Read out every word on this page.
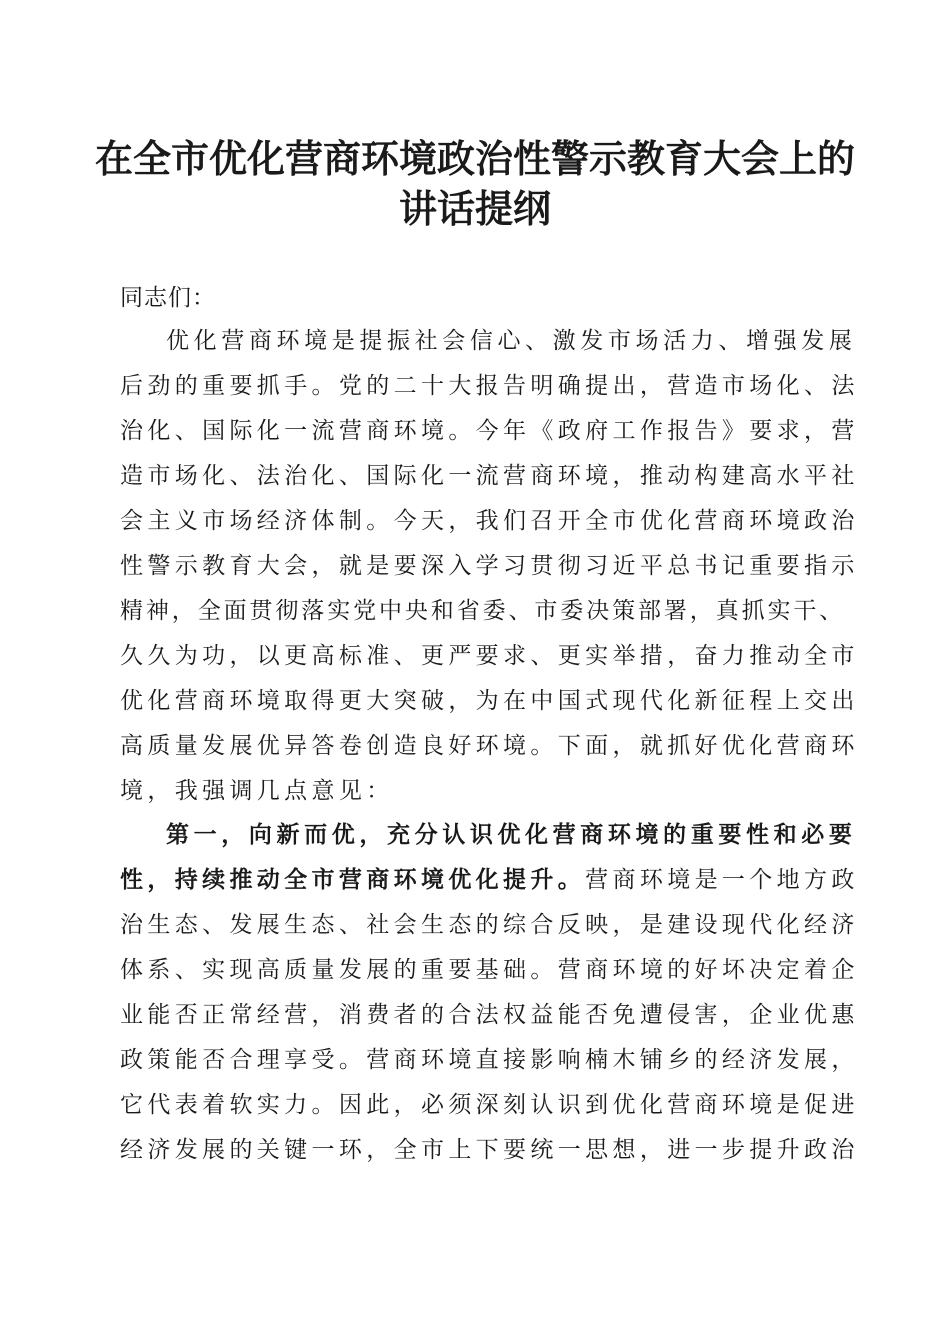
在全市优化营商环境政治性警示教育大会上的
讲话提纲

同志们：

优化营商环境是提振社会信心、激发市场活力、增强发展

后劲的重要抓手。党的二十大报告明确提出，营造市场化、法

治化、国际化一流营商环境。今年《政府工作报告》要求，营

造市场化、法治化、国际化一流营商环境，推动构建高水平社

会主义市场经济体制。今天，我们召开全市优化营商环境政治

性警示教育大会，就是要深入学习贯彻习近平总书记重要指示

精神，全面贯彻落实党中央和省委、市委决策部署，真抓实干、

久久为功，以更高标准、更严要求、更实举措，奋力推动全市

优化营商环境取得更大突破，为在中国式现代化新征程上交出

高质量发展优异答卷创造良好环境。下面，就抓好优化营商环

境，我强调几点意见：

第一，向新而优，充分认识优化营商环境的重要性和必要

性，持续推动全市营商环境优化提升。营商环境是一个地方政

治生态、发展生态、社会生态的综合反映，是建设现代化经济

体系、实现高质量发展的重要基础。营商环境的好坏决定着企

业能否正常经营，消费者的合法权益能否免遭侵害，企业优惠

政策能否合理享受。营商环境直接影响楠木铺乡的经济发展，

它代表着软实力。因此，必须深刻认识到优化营商环境是促进

经济发展的关键一环，全市上下要统一思想，进一步提升政治
